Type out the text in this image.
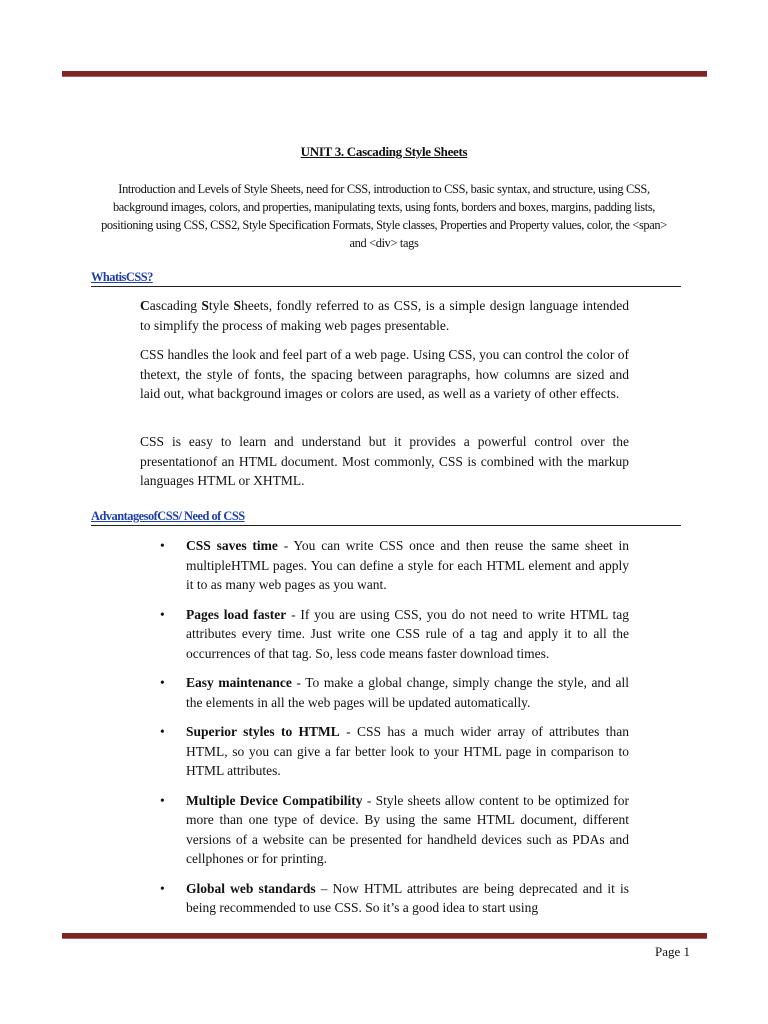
UNIT 3. Cascading Style Sheets
Introduction and Levels of Style Sheets, need for CSS, introduction to CSS, basic syntax, and structure, using CSS, background images, colors, and properties, manipulating texts, using fonts, borders and boxes, margins, padding lists, positioning using CSS, CSS2, Style Specification Formats, Style classes, Properties and Property values, color, the <span> and <div> tags
WhatisCSS?

Cascading Style Sheets, fondly referred to as CSS, is a simple design language intended to simplify the process of making web pages presentable.

CSS handles the look and feel part of a web page. Using CSS, you can control the color of thetext, the style of fonts, the spacing between paragraphs, how columns are sized and laid out, what background images or colors are used, as well as a variety of other effects.

CSS is easy to learn and understand but it provides a powerful control over the presentationof an HTML document. Most commonly, CSS is combined with the markup languages HTML or XHTML.

AdvantagesofCSS/ Need of CSS
• CSS saves time - You can write CSS once and then reuse the same sheet in multipleHTML pages. You can define a style for each HTML element and apply it to as many web pages as you want.
• Pages load faster - If you are using CSS, you do not need to write HTML tag attributes every time. Just write one CSS rule of a tag and apply it to all the occurrences of that tag. So, less code means faster download times.
• Easy maintenance - To make a global change, simply change the style, and all the elements in all the web pages will be updated automatically.
• Superior styles to HTML - CSS has a much wider array of attributes than HTML, so you can give a far better look to your HTML page in comparison to HTML attributes.
• Multiple Device Compatibility - Style sheets allow content to be optimized for more than one type of device. By using the same HTML document, different versions of a website can be presented for handheld devices such as PDAs and cellphones or for printing.
• Global web standards – Now HTML attributes are being deprecated and it is being recommended to use CSS. So it’s a good idea to start using
Page 1
